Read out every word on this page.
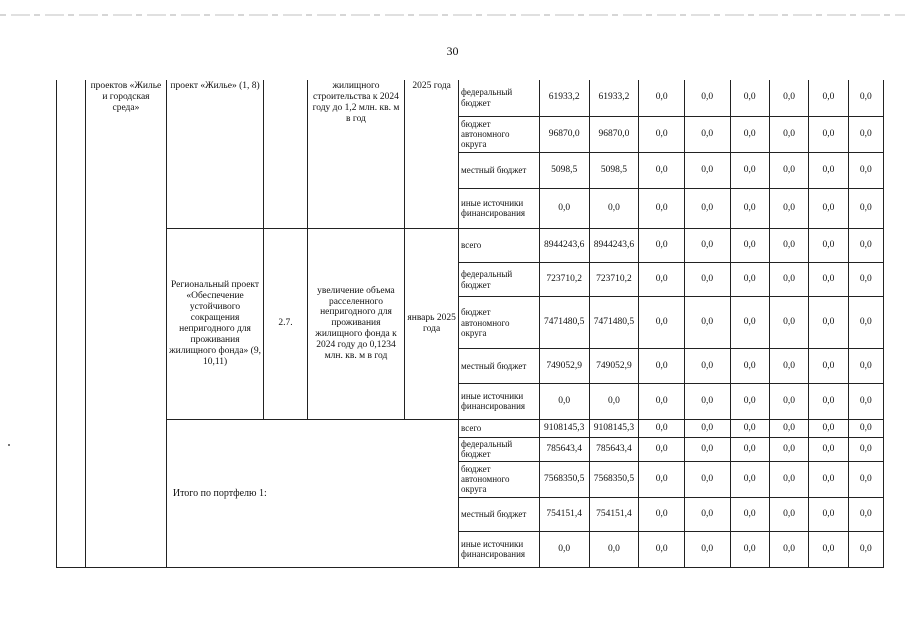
30
	проектов «Жилье и городская среда»	проект «Жилье» (1, 8)		жилищного строительства к 2024 году до 1,2 млн. кв. м в год	2025 года	федеральный бюджет	61933,2	61933,2	0,0	0,0	0,0	0,0	0,0	0,0
						бюджет автономного округа	96870,0	96870,0	0,0	0,0	0,0	0,0	0,0	0,0
						местный бюджет	5098,5	5098,5	0,0	0,0	0,0	0,0	0,0	0,0
						иные источники финансирования	0,0	0,0	0,0	0,0	0,0	0,0	0,0	0,0
		Региональный проект «Обеспечение устойчивого сокращения непригодного для проживания жилищного фонда» (9, 10,11)	2.7.	увеличение объема расселенного непригодного для проживания жилищного фонда к 2024 году до 0,1234 млн. кв. м в год	январь 2025 года	всего	8944243,6	8944243,6	0,0	0,0	0,0	0,0	0,0	0,0
						федеральный бюджет	723710,2	723710,2	0,0	0,0	0,0	0,0	0,0	0,0
						бюджет автономного округа	7471480,5	7471480,5	0,0	0,0	0,0	0,0	0,0	0,0
						местный бюджет	749052,9	749052,9	0,0	0,0	0,0	0,0	0,0	0,0
						иные источники финансирования	0,0	0,0	0,0	0,0	0,0	0,0	0,0	0,0
		Итого по портфелю 1:				всего	9108145,3	9108145,3	0,0	0,0	0,0	0,0	0,0	0,0
						федеральный бюджет	785643,4	785643,4	0,0	0,0	0,0	0,0	0,0	0,0
						бюджет автономного округа	7568350,5	7568350,5	0,0	0,0	0,0	0,0	0,0	0,0
						местный бюджет	754151,4	754151,4	0,0	0,0	0,0	0,0	0,0	0,0
						иные источники финансирования	0,0	0,0	0,0	0,0	0,0	0,0	0,0	0,0
